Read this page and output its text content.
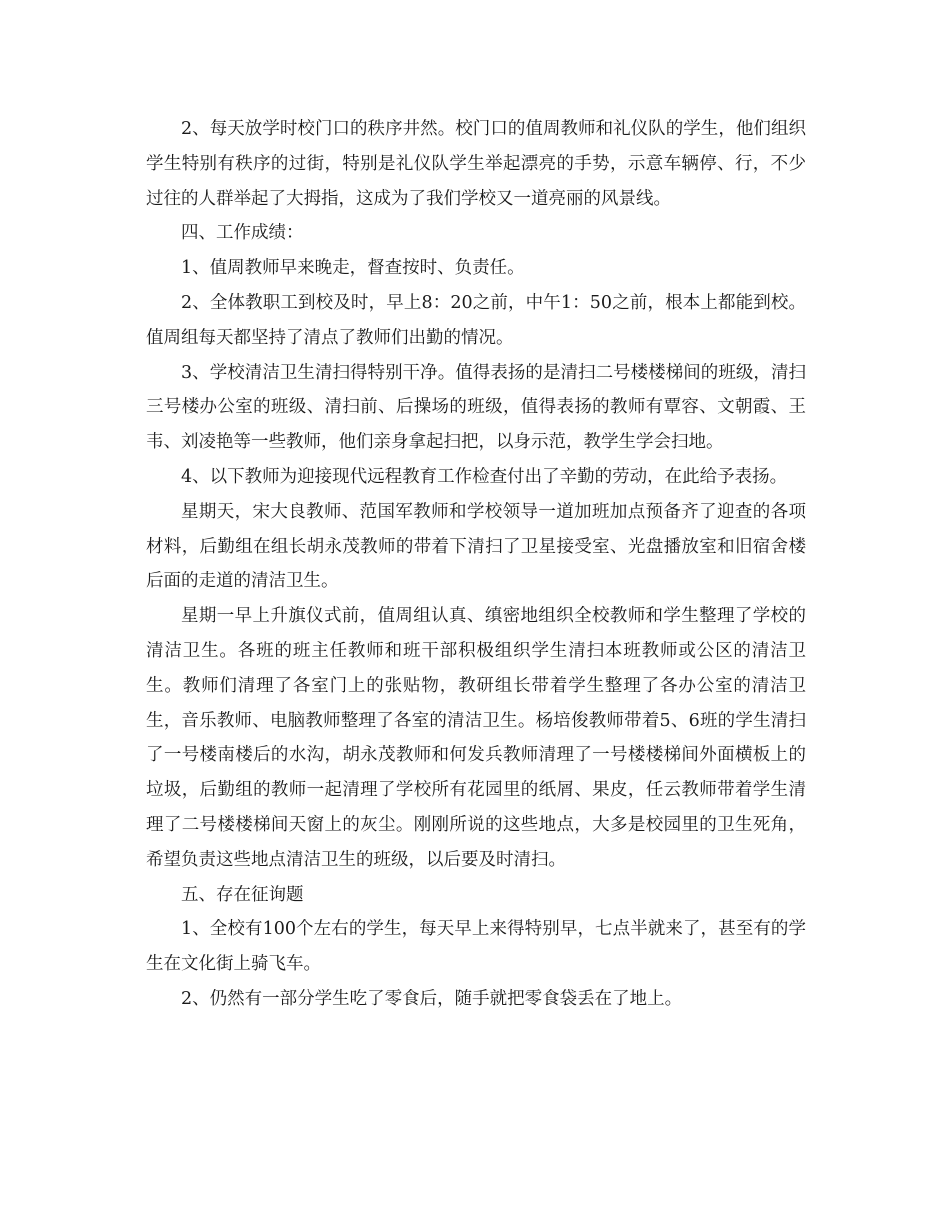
2、每天放学时校门口的秩序井然。校门口的值周教师和礼仪队的学生，他们组织学生特别有秩序的过街，特别是礼仪队学生举起漂亮的手势，示意车辆停、行，不少过往的人群举起了大拇指，这成为了我们学校又一道亮丽的风景线。

四、工作成绩：

1、值周教师早来晚走，督查按时、负责任。

2、全体教职工到校及时，早上8：20之前，中午1：50之前，根本上都能到校。值周组每天都坚持了清点了教师们出勤的情况。

3、学校清洁卫生清扫得特别干净。值得表扬的是清扫二号楼楼梯间的班级，清扫三号楼办公室的班级、清扫前、后操场的班级，值得表扬的教师有覃容、文朝霞、王韦、刘凌艳等一些教师，他们亲身拿起扫把，以身示范，教学生学会扫地。

4、以下教师为迎接现代远程教育工作检查付出了辛勤的劳动，在此给予表扬。

星期天，宋大良教师、范国军教师和学校领导一道加班加点预备齐了迎查的各项材料，后勤组在组长胡永茂教师的带着下清扫了卫星接受室、光盘播放室和旧宿舍楼后面的走道的清洁卫生。

星期一早上升旗仪式前，值周组认真、缜密地组织全校教师和学生整理了学校的清洁卫生。各班的班主任教师和班干部积极组织学生清扫本班教师或公区的清洁卫生。教师们清理了各室门上的张贴物，教研组长带着学生整理了各办公室的清洁卫生，音乐教师、电脑教师整理了各室的清洁卫生。杨培俊教师带着5、6班的学生清扫了一号楼南楼后的水沟，胡永茂教师和何发兵教师清理了一号楼楼梯间外面横板上的垃圾，后勤组的教师一起清理了学校所有花园里的纸屑、果皮，任云教师带着学生清理了二号楼楼梯间天窗上的灰尘。刚刚所说的这些地点，大多是校园里的卫生死角，希望负责这些地点清洁卫生的班级，以后要及时清扫。

五、存在征询题

1、全校有100个左右的学生，每天早上来得特别早，七点半就来了，甚至有的学生在文化街上骑飞车。

2、仍然有一部分学生吃了零食后，随手就把零食袋丢在了地上。
